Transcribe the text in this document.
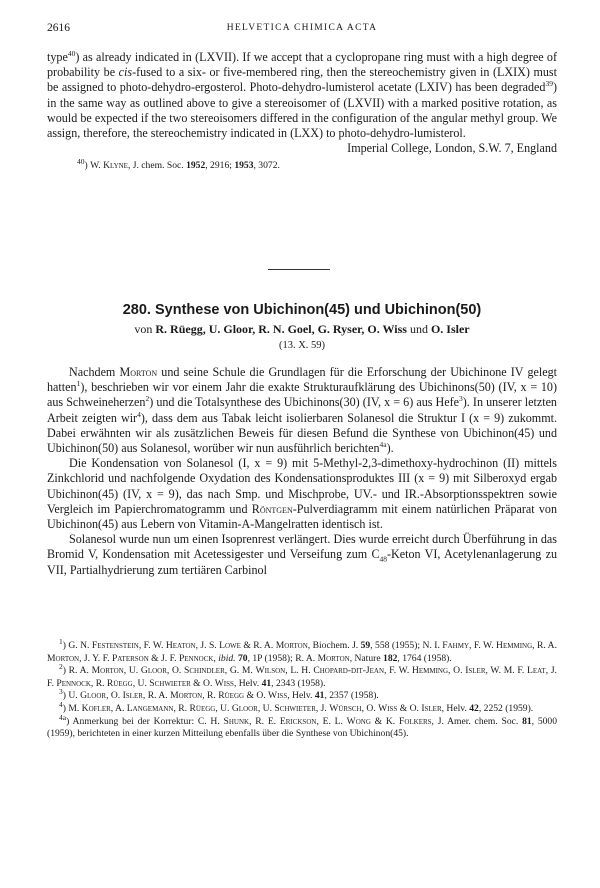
2616	HELVETICA CHIMICA ACTA

type$^{40}$) as already indicated in (LXVII). If we accept that a cyclopropane ring must with a high degree of probability be cis-fused to a six- or five-membered ring, then the stereochemistry given in (LXIX) must be assigned to photo-dehydro-ergosterol. Photo-dehydro-lumisterol acetate (LXIV) has been degraded$^{39}$) in the same way as outlined above to give a stereoisomer of (LXVII) with a marked positive rotation, as would be expected if the two stereoisomers differed in the configuration of the angular methyl group. We assign, therefore, the stereochemistry indicated in (LXX) to photo-dehydro-lumisterol.

Imperial College, London, S.W. 7, England

$^{40}$) W. Klyne, J. chem. Soc. 1952, 2916; 1953, 3072.

280. Synthese von Ubichinon(45) und Ubichinon(50)
von R. Rüegg, U. Gloor, R. N. Goel, G. Ryser, O. Wiss und O. Isler
(13. X. 59)

Nachdem Morton und seine Schule die Grundlagen für die Erforschung der Ubichinone IV gelegt hatten$^1$), beschrieben wir vor einem Jahr die exakte Strukturaufklärung des Ubichinons(50) (IV, x = 10) aus Schweineherzen$^2$) und die Totalsynthese des Ubichinons(30) (IV, x = 6) aus Hefe$^3$). In unserer letzten Arbeit zeigten wir$^4$), dass dem aus Tabak leicht isolierbaren Solanesol die Struktur I (x = 9) zukommt. Dabei erwähnten wir als zusätzlichen Beweis für diesen Befund die Synthese von Ubichinon(45) und Ubichinon(50) aus Solanesol, worüber wir nun ausführlich berichten$^{4a}$).

Die Kondensation von Solanesol (I, x = 9) mit 5-Methyl-2,3-dimethoxy-hydrochinon (II) mittels Zinkchlorid und nachfolgende Oxydation des Kondensationsproduktes III (x = 9) mit Silberoxyd ergab Ubichinon(45) (IV, x = 9), das nach Smp. und Mischprobe, UV.- und IR.-Absorptionsspektren sowie Vergleich im Papierchromatogramm und Röntgen-Pulverdiagramm mit einem natürlichen Präparat von Ubichinon(45) aus Lebern von Vitamin-A-Mangelratten identisch ist.

Solanesol wurde nun um einen Isoprenrest verlängert. Dies wurde erreicht durch Überführung in das Bromid V, Kondensation mit Acetessigester und Verseifung zum $C_{48}$-Keton VI, Acetylenanlagerung zu VII, Partialhydrierung zum tertiären Carbinol

$^1$) G. N. Festenstein, F. W. Heaton, J. S. Lowe & R. A. Morton, Biochem. J. 59, 558 (1955); N. I. Fahmy, F. W. Hemming, R. A. Morton, J. Y. F. Paterson & J. F. Pennock, ibid. 70, 1P (1958); R. A. Morton, Nature 182, 1764 (1958).

$^2$) R. A. Morton, U. Gloor, O. Schindler, G. M. Wilson, L. H. Chopard-dit-Jean, F. W. Hemming, O. Isler, W. M. F. Leat, J. F. Pennock, R. Rüegg, U. Schwieter & O. Wiss, Helv. 41, 2343 (1958).

$^3$) U. Gloor, O. Isler, R. A. Morton, R. Rüegg & O. Wiss, Helv. 41, 2357 (1958).

$^4$) M. Kofler, A. Langemann, R. Rüegg, U. Gloor, U. Schwieter, J. Würsch, O. Wiss & O. Isler, Helv. 42, 2252 (1959).

$^{4a}$) Anmerkung bei der Korrektur: C. H. Shunk, R. E. Erickson, E. L. Wong & K. Folkers, J. Amer. chem. Soc. 81, 5000 (1959), berichteten in einer kurzen Mitteilung ebenfalls über die Synthese von Ubichinon(45).
